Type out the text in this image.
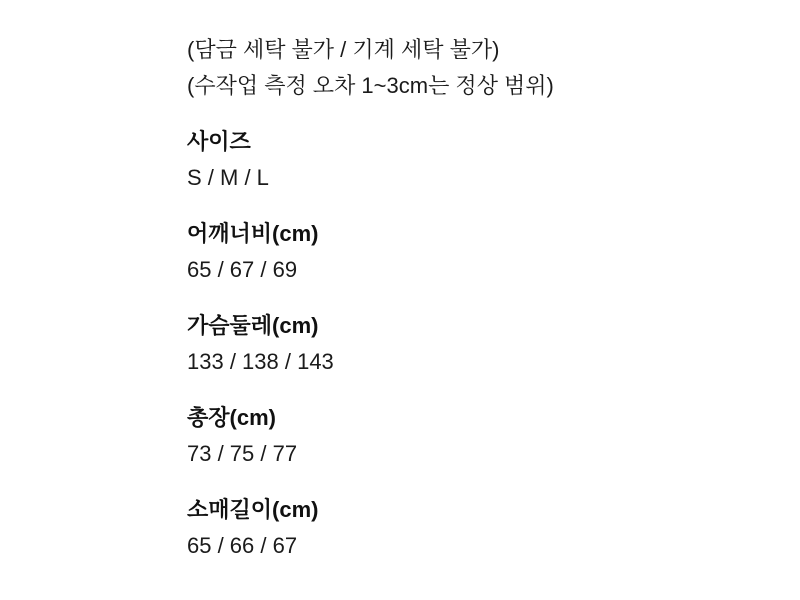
(담금 세탁 불가 / 기계 세탁 불가)

(수작업 측정 오차 1~3cm는 정상 범위)

사이즈

S / M / L

어깨너비(cm)

65 / 67 / 69

가슴둘레(cm)

133 / 138 / 143

총장(cm)

73 / 75 / 77

소매길이(cm)

65 / 66 / 67
